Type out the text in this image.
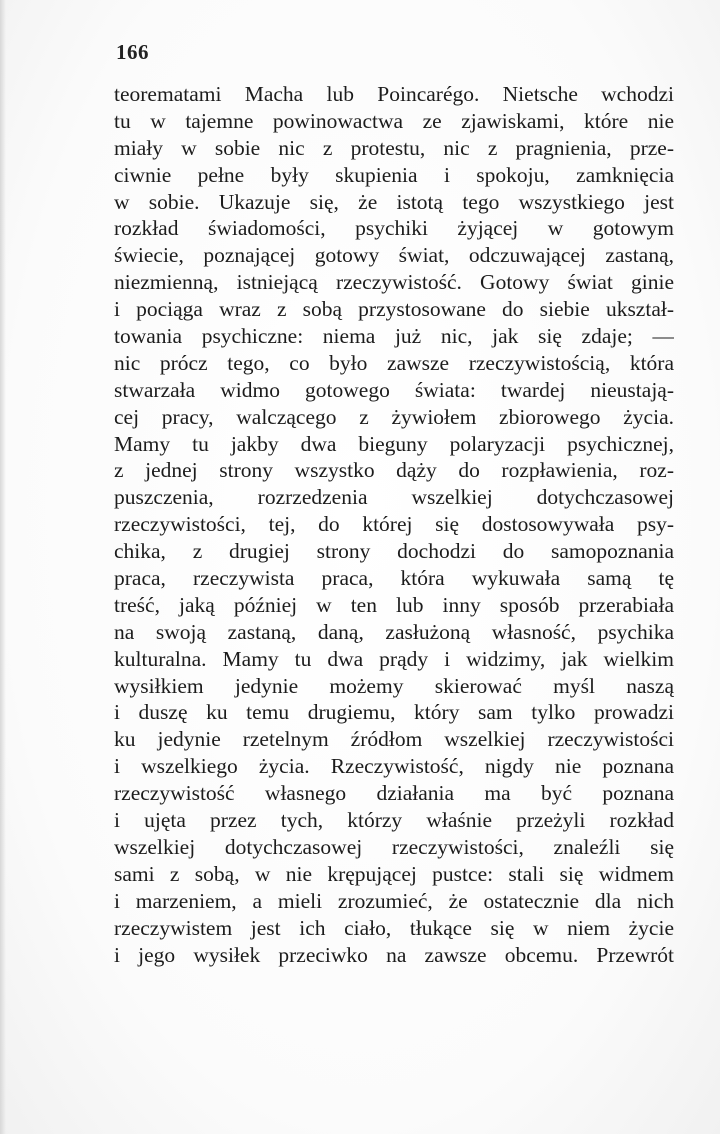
166
teorematami Macha lub Poincarégo. Nietsche wchodzi
tu w tajemne powinowactwa ze zjawiskami, które nie
miały w sobie nic z protestu, nic z pragnienia, prze-
ciwnie pełne były skupienia i spokoju, zamknięcia
w sobie. Ukazuje się, że istotą tego wszystkiego jest
rozkład świadomości, psychiki żyjącej w gotowym
świecie, poznającej gotowy świat, odczuwającej zastaną,
niezmienną, istniejącą rzeczywistość. Gotowy świat ginie
i pociąga wraz z sobą przystosowane do siebie ukształ-
towania psychiczne: niema już nic, jak się zdaje; —
nic prócz tego, co było zawsze rzeczywistością, która
stwarzała widmo gotowego świata: twardej nieustają-
cej pracy, walczącego z żywiołem zbiorowego życia.
Mamy tu jakby dwa bieguny polaryzacji psychicznej,
z jednej strony wszystko dąży do rozpławienia, roz-
puszczenia, rozrzedzenia wszelkiej dotychczasowej
rzeczywistości, tej, do której się dostosowywała psy-
chika, z drugiej strony dochodzi do samopoznania
praca, rzeczywista praca, która wykuwała samą tę
treść, jaką później w ten lub inny sposób przerabiała
na swoją zastaną, daną, zasłużoną własność, psychika
kulturalna. Mamy tu dwa prądy i widzimy, jak wielkim
wysiłkiem jedynie możemy skierować myśl naszą
i duszę ku temu drugiemu, który sam tylko prowadzi
ku jedynie rzetelnym źródłom wszelkiej rzeczywistości
i wszelkiego życia. Rzeczywistość, nigdy nie poznana
rzeczywistość własnego działania ma być poznana
i ujęta przez tych, którzy właśnie przeżyli rozkład
wszelkiej dotychczasowej rzeczywistości, znaleźli się
sami z sobą, w nie krępującej pustce: stali się widmem
i marzeniem, a mieli zrozumieć, że ostatecznie dla nich
rzeczywistem jest ich ciało, tłukące się w niem życie
i jego wysiłek przeciwko na zawsze obcemu. Przewrót
